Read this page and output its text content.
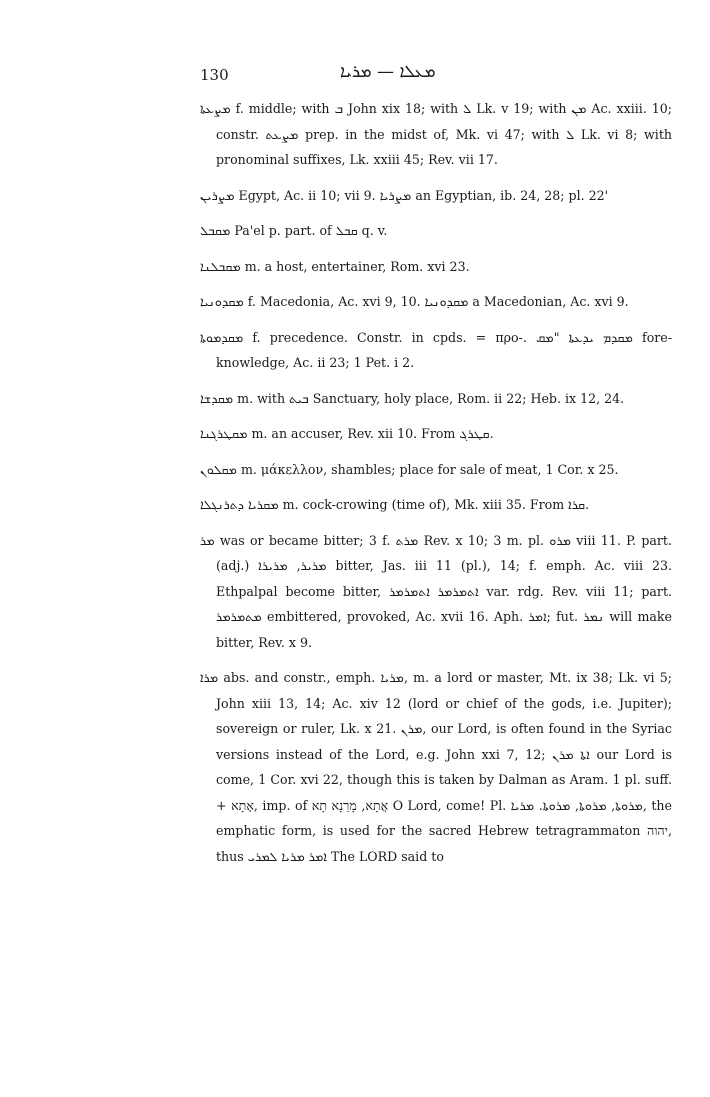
130	ܡܥܠܐ — ܡܪܝܐ

ܡܨܥܬܐ f. middle; with ܒ John xix 18; with ܠ Lk. v 19; with ܡܢ Ac. xxiii. 10; constr. ܡܨܥܬ prep. in the midst of, Mk. vi 47; with ܠ Lk. vi 8; with pronominal suffixes, Lk. xxiii 45; Rev. vii 17.

ܡܨܪܝܢ Egypt, Ac. ii 10; vii 9. ܡܨܪܝܐ an Egyptian, ib. 24, 28; pl. 22'

ܡܩܒܠ Pa'el p. part. of ܩܒܠ q. v.

ܡܩܒܠܢܐ m. a host, entertainer, Rom. xvi 23.

ܡܩܕܘܢܝܐ f. Macedonia, Ac. xvi 9, 10. ܡܩܕܘܢܝܐ a Macedonian, Ac. xvi 9.

ܡܩܕܡܘܬܐ f. precedence. Constr. in cpds. = προ-. ܡܩܕܡ ܝܕܥܬܐ "ܡܩ fore-knowledge, Ac. ii 23; 1 Pet. i 2.

ܡܩܕܫܐ m. with ܒܝܬ Sanctuary, holy place, Rom. ii 22; Heb. ix 12, 24.

ܡܩܛܪܓܢܐ m. an accuser, Rev. xii 10. From ܩܛܪܓ.

ܡܩܠܘܢ m. μάκελλον, shambles; place for sale of meat, 1 Cor. x 25.

ܡܩܪܝܐ ܕܬܪܢܓܠܐ m. cock-crowing (time of), Mk. xiii 35. From ܩܪܐ.

ܡܪ was or became bitter; 3 f. ܡܪܬ Rev. x 10; 3 m. pl. ܡܪܘ viii 11. P. part. (adj.) ܡܪܝܪ, ܡܪܝܪܐ bitter, Jas. iii 11 (pl.), 14; f. emph. Ac. viii 23. Ethpalpal become bitter, ܐܬܡܪܡܪ ܐܬܡܪܡܪ var. rdg. Rev. viii 11; part. ܡܬܡܪܡܪ embittered, provoked, Ac. xvii 16. Aph. ܐܡܪ; fut. ܢܡܪ will make bitter, Rev. x 9.

ܡܪܐ abs. and constr., emph. ܡܪܝܐ, m. a lord or master, Mt. ix 38; Lk. vi 5; John xiii 13, 14; Ac. xiv 12 (lord or chief of the gods, i.e. Jupiter); sovereign or ruler, Lk. x 21. ܡܪܢ, our Lord, is often found in the Syriac versions instead of the Lord, e.g. John xxi 7, 12; ܐܬܐ ܡܪܢ our Lord is come, 1 Cor. xvi 22, though this is taken by Dalman as Aram. 1 pl. suff. + אָתָא, imp. of אֲתָא, מָרַנָא תָא O Lord, come! Pl. ܡܪܘܬܐ, ܡܪܘܬܐ, ܡܪܘܬܐ. ܡܪܝܐ, the emphatic form, is used for the sacred Hebrew tetragrammaton יהוה, thus ܐܡܪ ܡܪܝܐ ܠܡܪܝ The LORD said to
